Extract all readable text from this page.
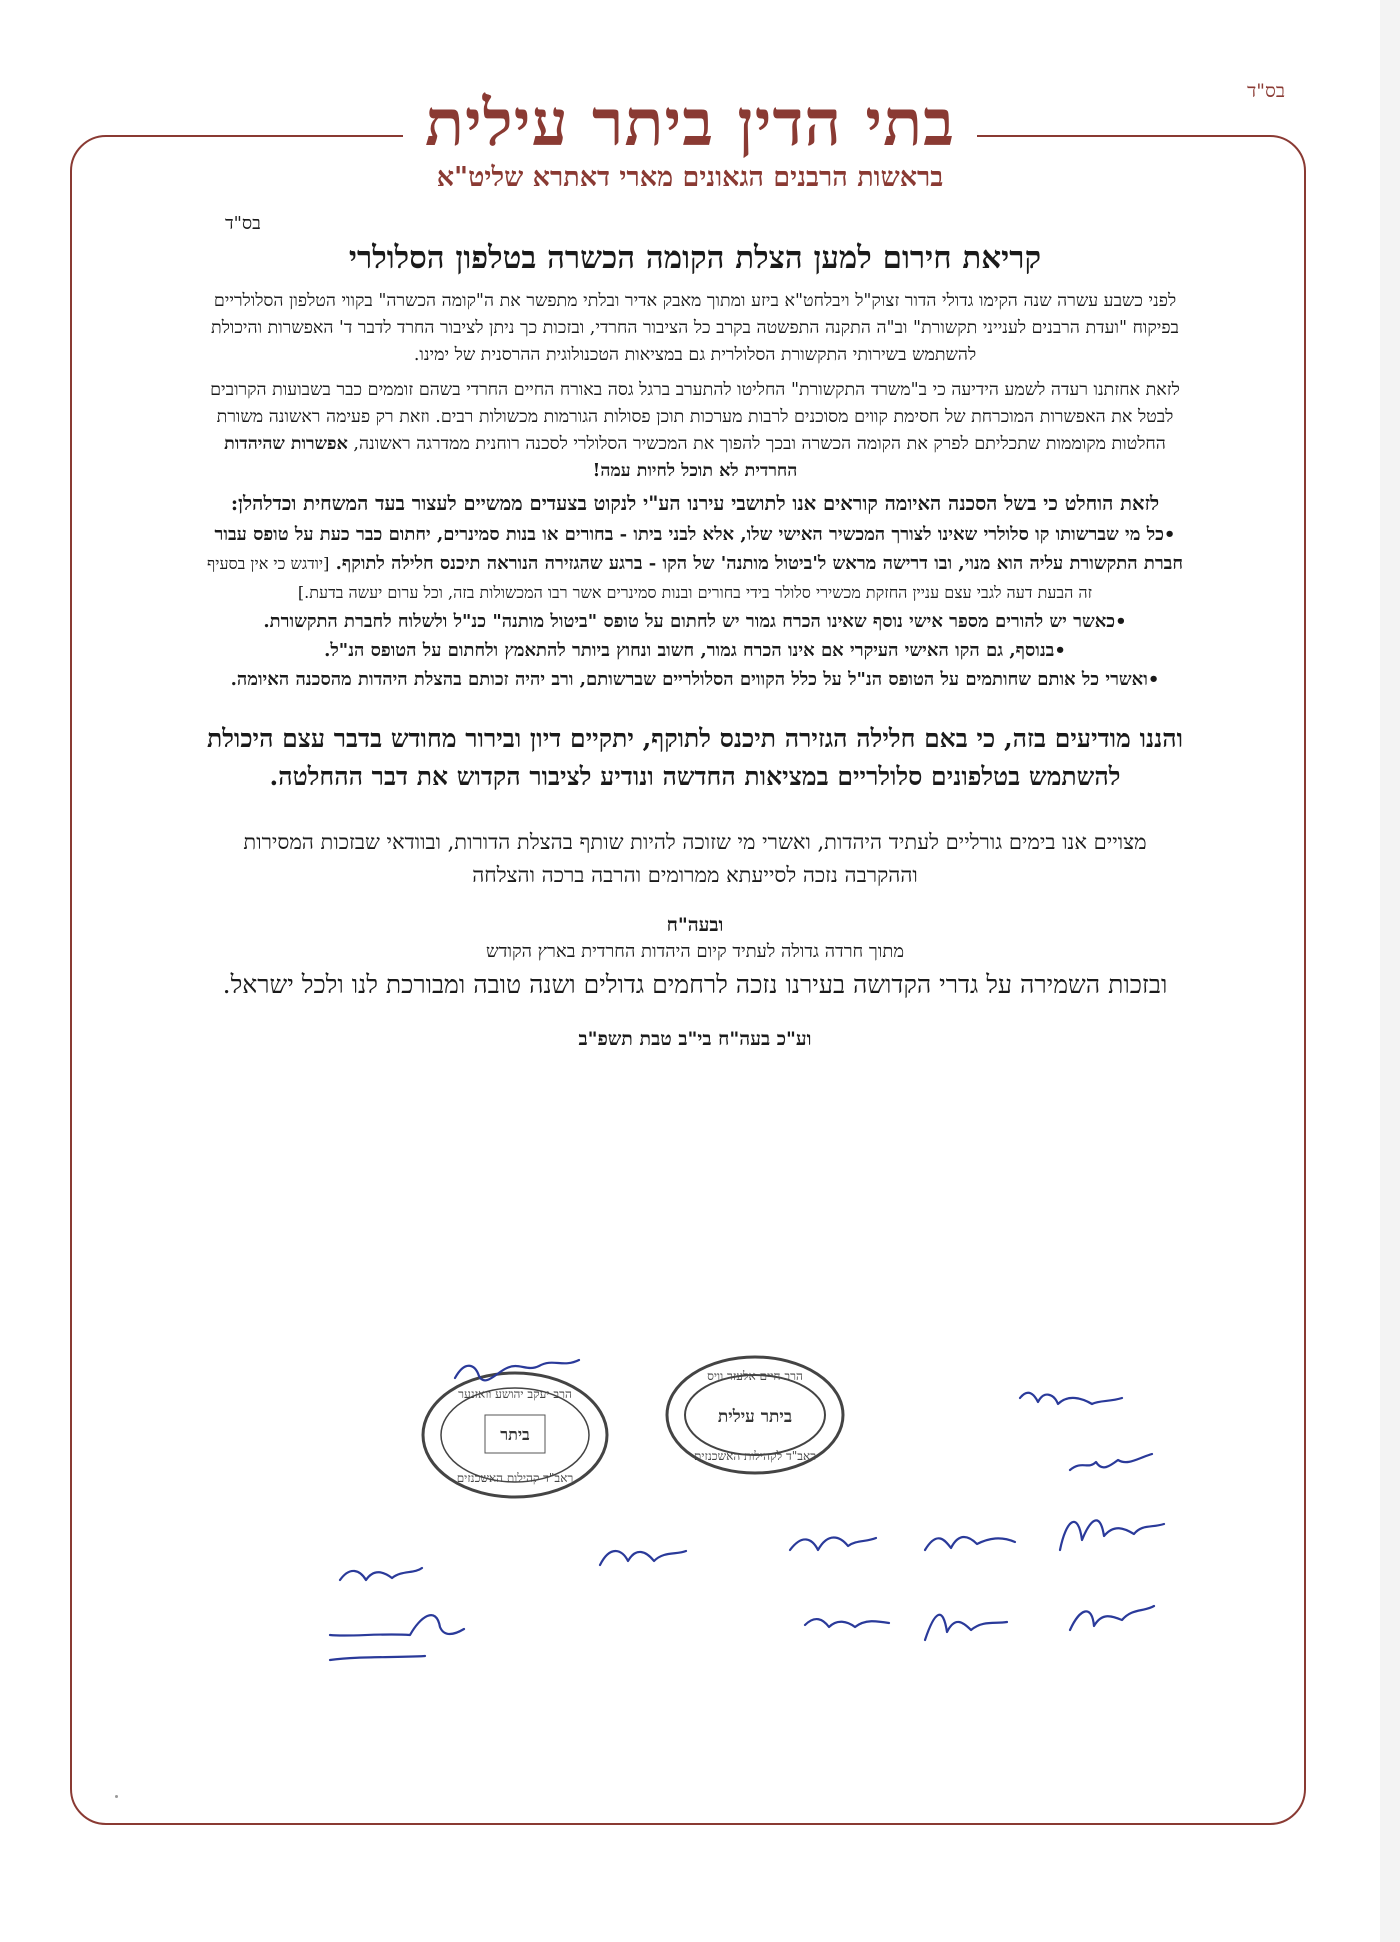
בס"ד
בתי הדין ביתר עילית
בראשות הרבנים הגאונים מארי דאתרא שליט"א
בס"ד
קריאת חירום למען הצלת הקומה הכשרה בטלפון הסלולרי

לפני כשבע עשרה שנה הקימו גדולי הדור זצוק"ל ויבלחט"א ביזע ומתוך מאבק אדיר ובלתי מתפשר את ה"קומה הכשרה" בקווי הטלפון הסלולריים בפיקוח "ועדת הרבנים לענייני תקשורת" וב"ה התקנה התפשטה בקרב כל הציבור החרדי, ובזכות כך ניתן לציבור החרד לדבר ד' האפשרות והיכולת להשתמש בשירותי התקשורת הסלולרית גם במציאות הטכנולוגית ההרסנית של ימינו.

לזאת אחזתנו רעדה לשמע הידיעה כי ב"משרד התקשורת" החליטו להתערב ברגל גסה באורח החיים החרדי בשהם זוממים כבר בשבועות הקרובים לבטל את האפשרות המוכרחת של חסימת קווים מסוכנים לרבות מערכות תוכן פסולות הגורמות מכשולות רבים. וזאת רק פעימה ראשונה משורת החלטות מקוממות שתכליתם לפרק את הקומה הכשרה ובכך להפוך את המכשיר הסלולרי לסכנה רוחנית ממדרגה ראשונה, אפשרות שהיהדות החרדית לא תוכל לחיות עמה!

לזאת הוחלט כי בשל הסכנה האיומה קוראים אנו לתושבי עירנו הע"י לנקוט בצעדים ממשיים לעצור בעד המשחית וכדלהלן:

•כל מי שברשותו קו סלולרי שאינו לצורך המכשיר האישי שלו, אלא לבני ביתו - בחורים או בנות סמינרים, יחתום כבר כעת על טופס עבור חברת התקשורת עליה הוא מנוי, ובו דרישה מראש ל'ביטול מותנה' של הקו - ברגע שהגזירה הנוראה תיכנס חלילה לתוקף. [יודגש כי אין בסעיף זה הבעת דעה לגבי עצם עניין החזקת מכשירי סלולר בידי בחורים ובנות סמינרים אשר רבו המכשולות בזה, וכל ערום יעשה בדעת.]

•כאשר יש להורים מספר אישי נוסף שאינו הכרח גמור יש לחתום על טופס "ביטול מותנה" כנ"ל ולשלוח לחברת התקשורת.

•בנוסף, גם הקו האישי העיקרי אם אינו הכרח גמור, חשוב ונחוץ ביותר להתאמץ ולחתום על הטופס הנ"ל.

•ואשרי כל אותם שחותמים על הטופס הנ"ל על כלל הקווים הסלולריים שברשותם, ורב יהיה זכותם בהצלת היהדות מהסכנה האיומה.

והננו מודיעים בזה, כי באם חלילה הגזירה תיכנס לתוקף, יתקיים דיון ובירור מחודש בדבר עצם היכולת להשתמש בטלפונים סלולריים במציאות החדשה ונודיע לציבור הקדוש את דבר ההחלטה.
מצויים אנו בימים גורליים לעתיד היהדות, ואשרי מי שזוכה להיות שותף בהצלת הדורות, ובוודאי שבזכות המסירות וההקרבה נזכה לסייעתא ממרומים והרבה ברכה והצלחה
ובעה"ח
מתוך חרדה גדולה לעתיד קיום היהדות החרדית בארץ הקודש
ובזכות השמירה על גדרי הקדושה בעירנו נזכה לרחמים גדולים ושנה טובה ומבורכת לנו ולכל ישראל.
וע"כ בעה"ח בי"ב טבת תשפ"ב
הרב יעקב יהושע וואזנער
ביתר
ראב"ד קהילות האשכנזים
הרב חיים אלעזר וויס
ביתר עילית
ראב"ד לקהילות האשכנזים
